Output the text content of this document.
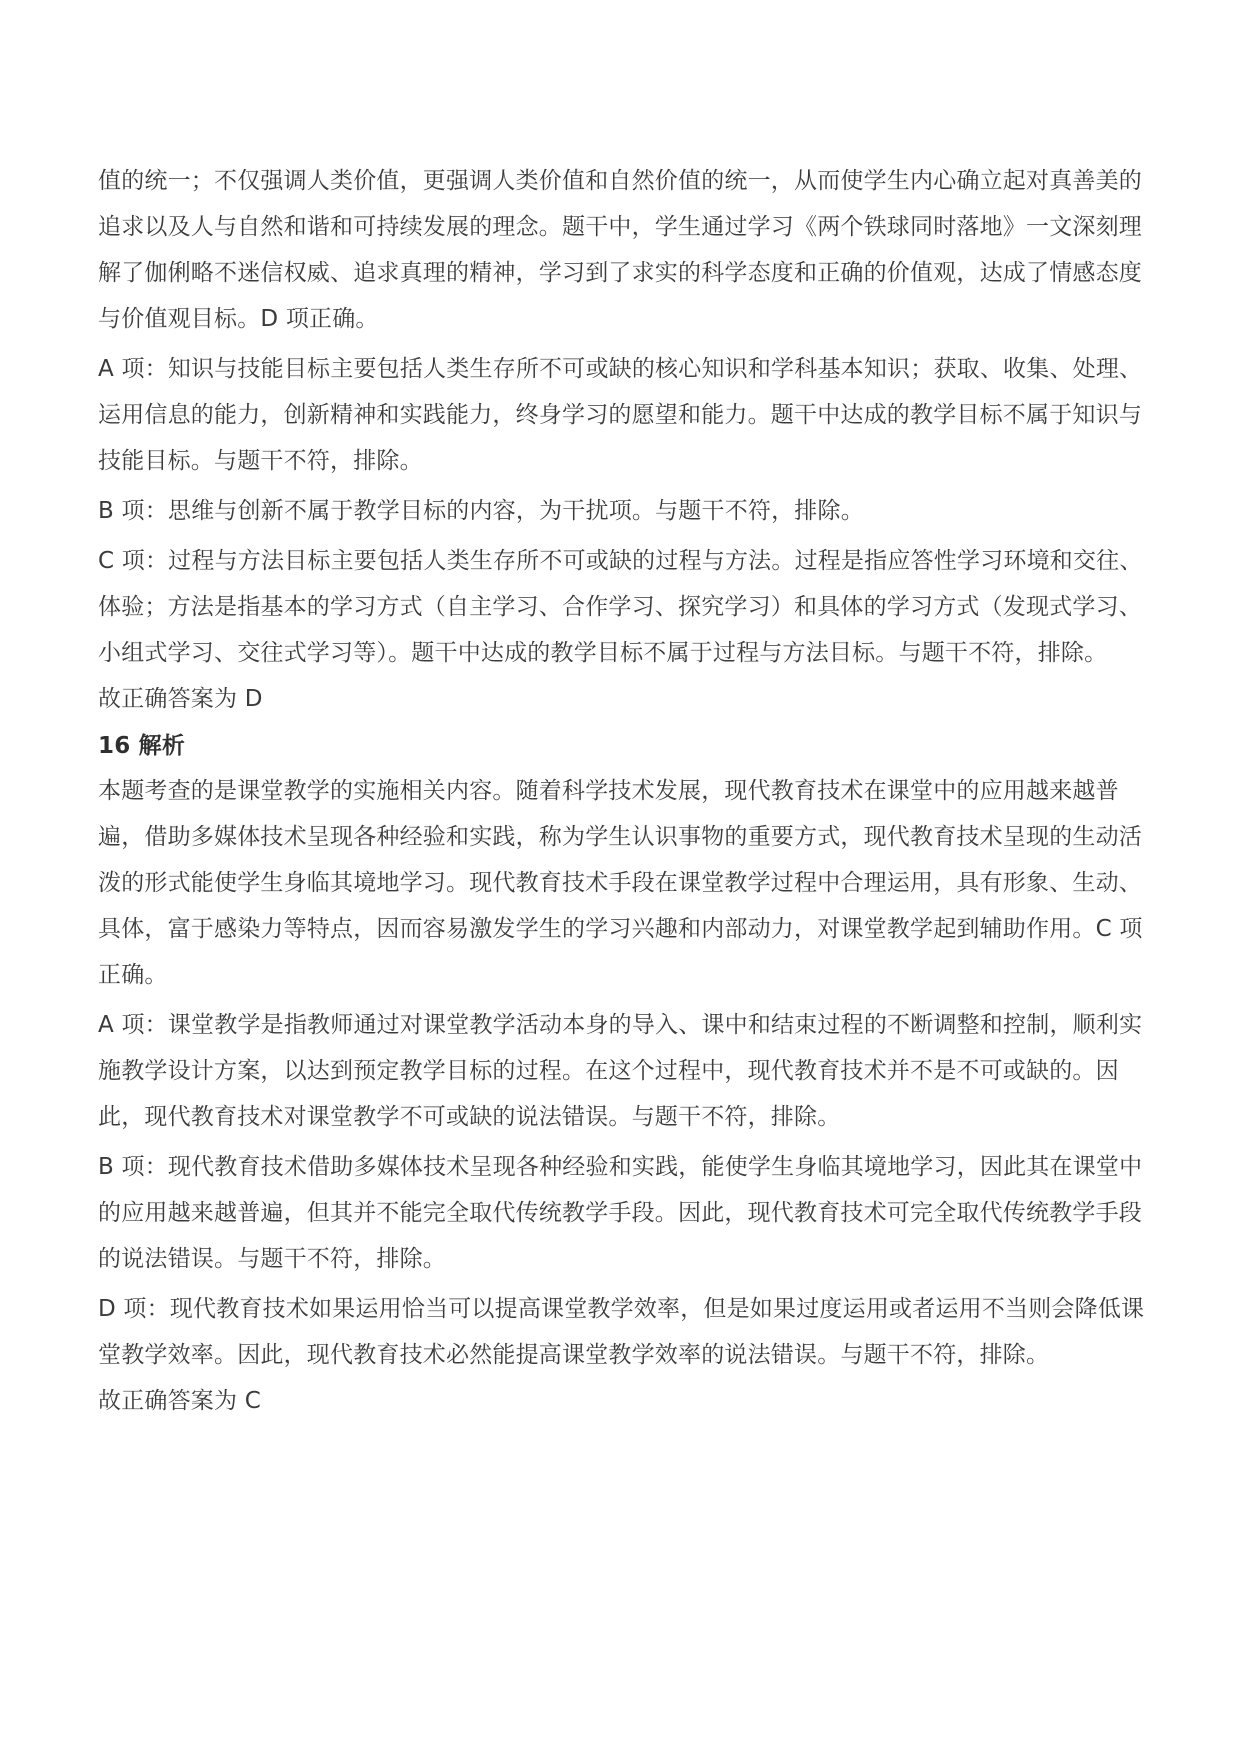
值的统一；不仅强调人类价值，更强调人类价值和自然价值的统一，从而使学生内心确立起对真善美的追求以及人与自然和谐和可持续发展的理念。题干中，学生通过学习《两个铁球同时落地》一文深刻理解了伽俐略不迷信权威、追求真理的精神，学习到了求实的科学态度和正确的价值观，达成了情感态度与价值观目标。D 项正确。

A 项：知识与技能目标主要包括人类生存所不可或缺的核心知识和学科基本知识；获取、收集、处理、运用信息的能力，创新精神和实践能力，终身学习的愿望和能力。题干中达成的教学目标不属于知识与技能目标。与题干不符，排除。

B 项：思维与创新不属于教学目标的内容，为干扰项。与题干不符，排除。

C 项：过程与方法目标主要包括人类生存所不可或缺的过程与方法。过程是指应答性学习环境和交往、体验；方法是指基本的学习方式（自主学习、合作学习、探究学习）和具体的学习方式（发现式学习、小组式学习、交往式学习等）。题干中达成的教学目标不属于过程与方法目标。与题干不符，排除。

故正确答案为 D

16 解析

本题考查的是课堂教学的实施相关内容。随着科学技术发展，现代教育技术在课堂中的应用越来越普遍，借助多媒体技术呈现各种经验和实践，称为学生认识事物的重要方式，现代教育技术呈现的生动活泼的形式能使学生身临其境地学习。现代教育技术手段在课堂教学过程中合理运用，具有形象、生动、具体，富于感染力等特点，因而容易激发学生的学习兴趣和内部动力，对课堂教学起到辅助作用。C 项正确。

A 项：课堂教学是指教师通过对课堂教学活动本身的导入、课中和结束过程的不断调整和控制，顺利实施教学设计方案，以达到预定教学目标的过程。在这个过程中，现代教育技术并不是不可或缺的。因此，现代教育技术对课堂教学不可或缺的说法错误。与题干不符，排除。

B 项：现代教育技术借助多媒体技术呈现各种经验和实践，能使学生身临其境地学习，因此其在课堂中的应用越来越普遍，但其并不能完全取代传统教学手段。因此，现代教育技术可完全取代传统教学手段的说法错误。与题干不符，排除。

D 项：现代教育技术如果运用恰当可以提高课堂教学效率，但是如果过度运用或者运用不当则会降低课堂教学效率。因此，现代教育技术必然能提高课堂教学效率的说法错误。与题干不符，排除。

故正确答案为 C
